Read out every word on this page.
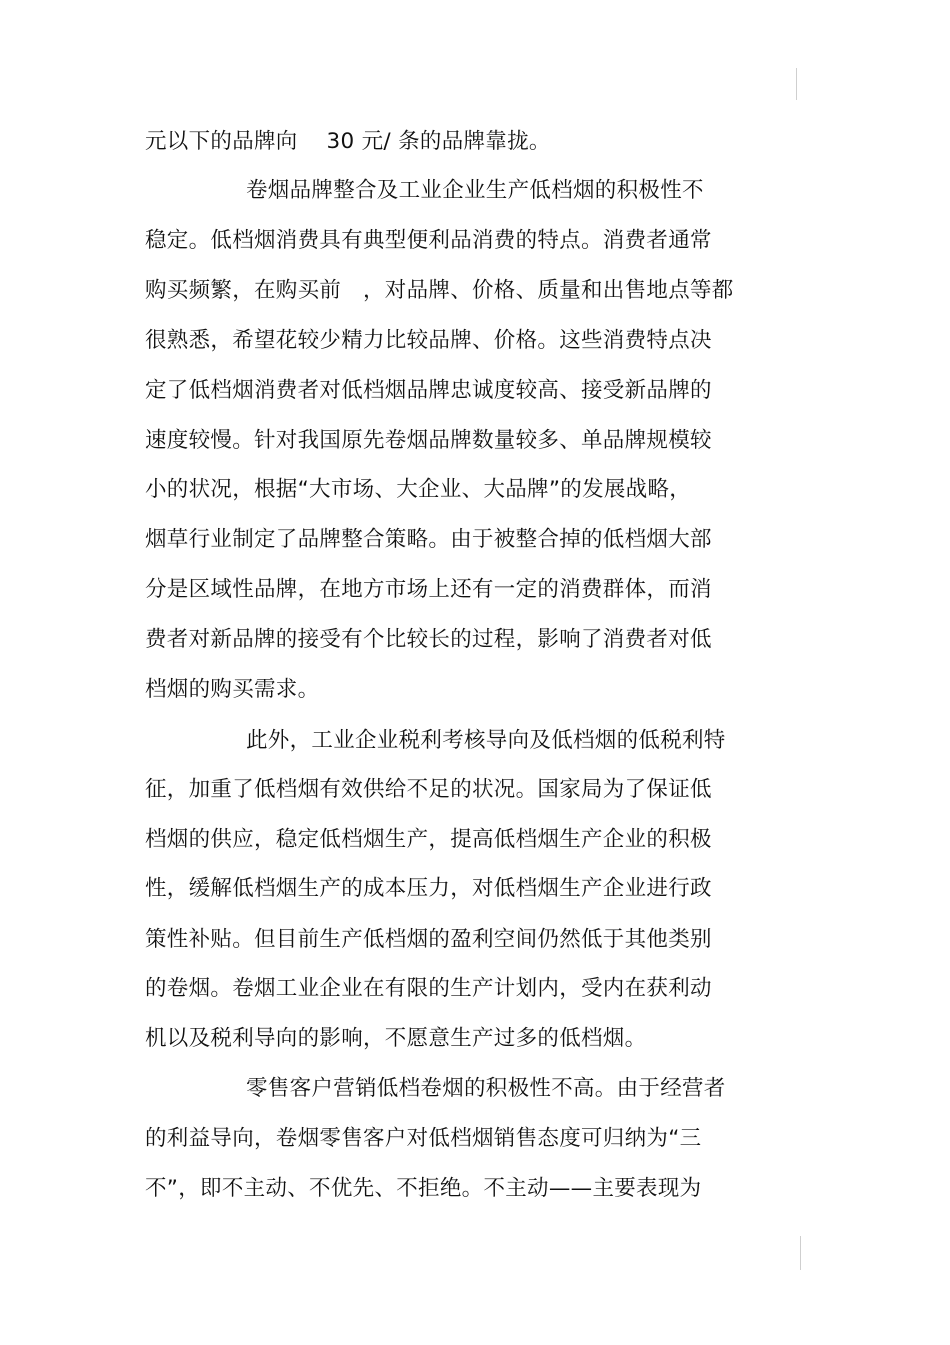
元以下的品牌向　 30 元/ 条的品牌靠拢。
卷烟品牌整合及工业企业生产低档烟的积极性不
稳定。低档烟消费具有典型便利品消费的特点。消费者通常
购买频繁，在购买前　，对品牌、价格、质量和出售地点等都
很熟悉，希望花较少精力比较品牌、价格。这些消费特点决
定了低档烟消费者对低档烟品牌忠诚度较高、接受新品牌的
速度较慢。针对我国原先卷烟品牌数量较多、单品牌规模较
小的状况，根据“大市场、大企业、大品牌”的发展战略，
烟草行业制定了品牌整合策略。由于被整合掉的低档烟大部
分是区域性品牌，在地方市场上还有一定的消费群体，而消
费者对新品牌的接受有个比较长的过程，影响了消费者对低
档烟的购买需求。
此外，工业企业税利考核导向及低档烟的低税利特
征，加重了低档烟有效供给不足的状况。国家局为了保证低
档烟的供应，稳定低档烟生产，提高低档烟生产企业的积极
性，缓解低档烟生产的成本压力，对低档烟生产企业进行政
策性补贴。但目前生产低档烟的盈利空间仍然低于其他类别
的卷烟。卷烟工业企业在有限的生产计划内，受内在获利动
机以及税利导向的影响，不愿意生产过多的低档烟。
零售客户营销低档卷烟的积极性不高。由于经营者
的利益导向，卷烟零售客户对低档烟销售态度可归纳为“三
不”，即不主动、不优先、不拒绝。不主动——主要表现为
